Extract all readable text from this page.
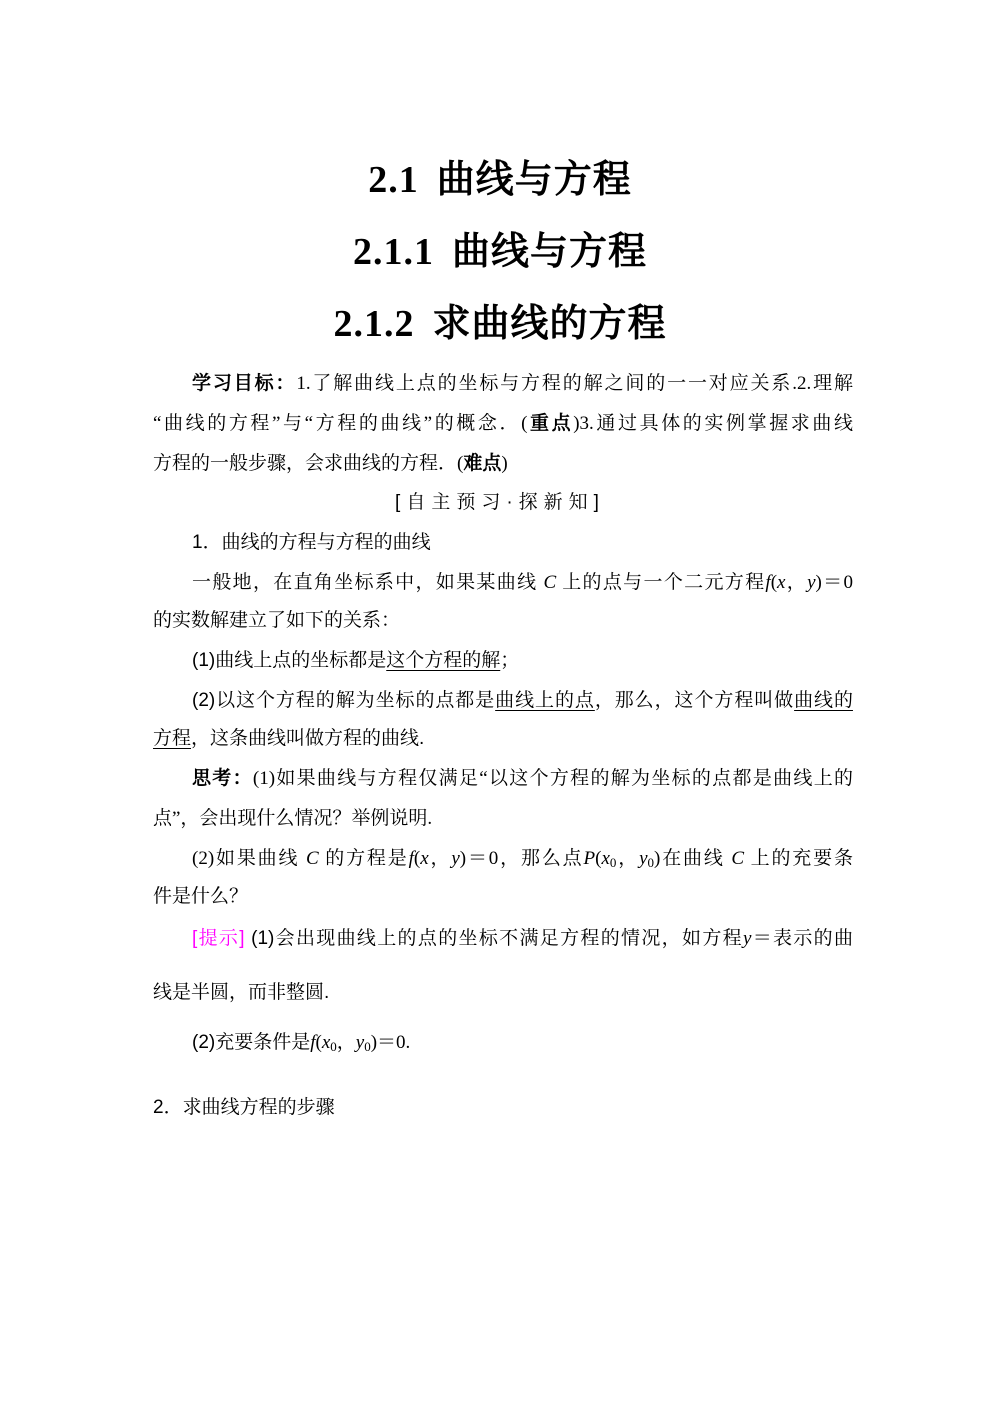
2.1 曲线与方程
2.1.1 曲线与方程
2.1.2 求曲线的方程
学习目标：1.了解曲线上点的坐标与方程的解之间的一一对应关系.2.理解
“曲线的方程”与“方程的曲线”的概念．(重点)3.通过具体的实例掌握求曲线
方程的一般步骤，会求曲线的方程．(难点)
[自主预习·探新知]
1．曲线的方程与方程的曲线
一般地，在直角坐标系中，如果某曲线 C 上的点与一个二元方程f(x，y)＝0
的实数解建立了如下的关系：
(1)曲线上点的坐标都是这个方程的解；
(2)以这个方程的解为坐标的点都是曲线上的点，那么，这个方程叫做曲线的
方程，这条曲线叫做方程的曲线.
思考：(1)如果曲线与方程仅满足“以这个方程的解为坐标的点都是曲线上的
点”，会出现什么情况？举例说明.
(2)如果曲线 C 的方程是f(x，y)＝0，那么点$P(x_0$，$y_0$)在曲线 C 上的充要条
件是什么？
[提示] (1)会出现曲线上的点的坐标不满足方程的情况，如方程y＝表示的曲
线是半圆，而非整圆.
(2)充要条件是$f(x_0$，$y_0)=0$.
2．求曲线方程的步骤
